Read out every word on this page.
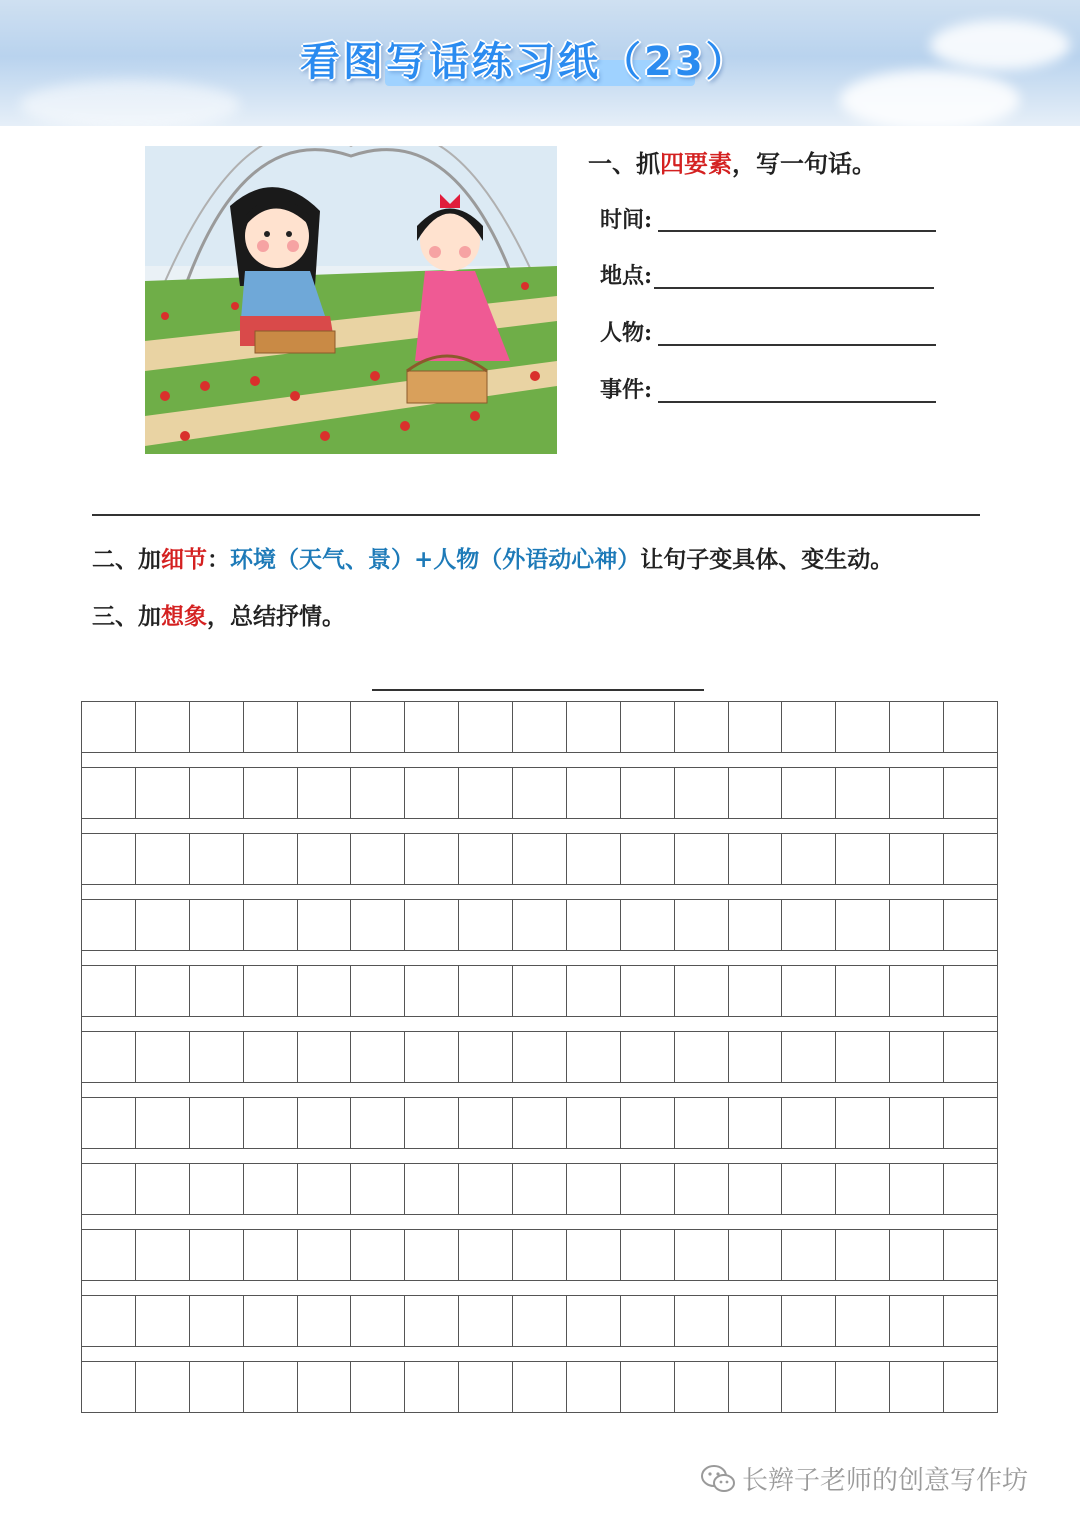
看图写话练习纸（23）
一、抓四要素，写一句话。
时间:
地点:
人物:
事件:
二、加细节：环境（天气、景）+人物（外语动心神）让句子变具体、变生动。
三、加想象，总结抒情。
长辫子老师的创意写作坊
